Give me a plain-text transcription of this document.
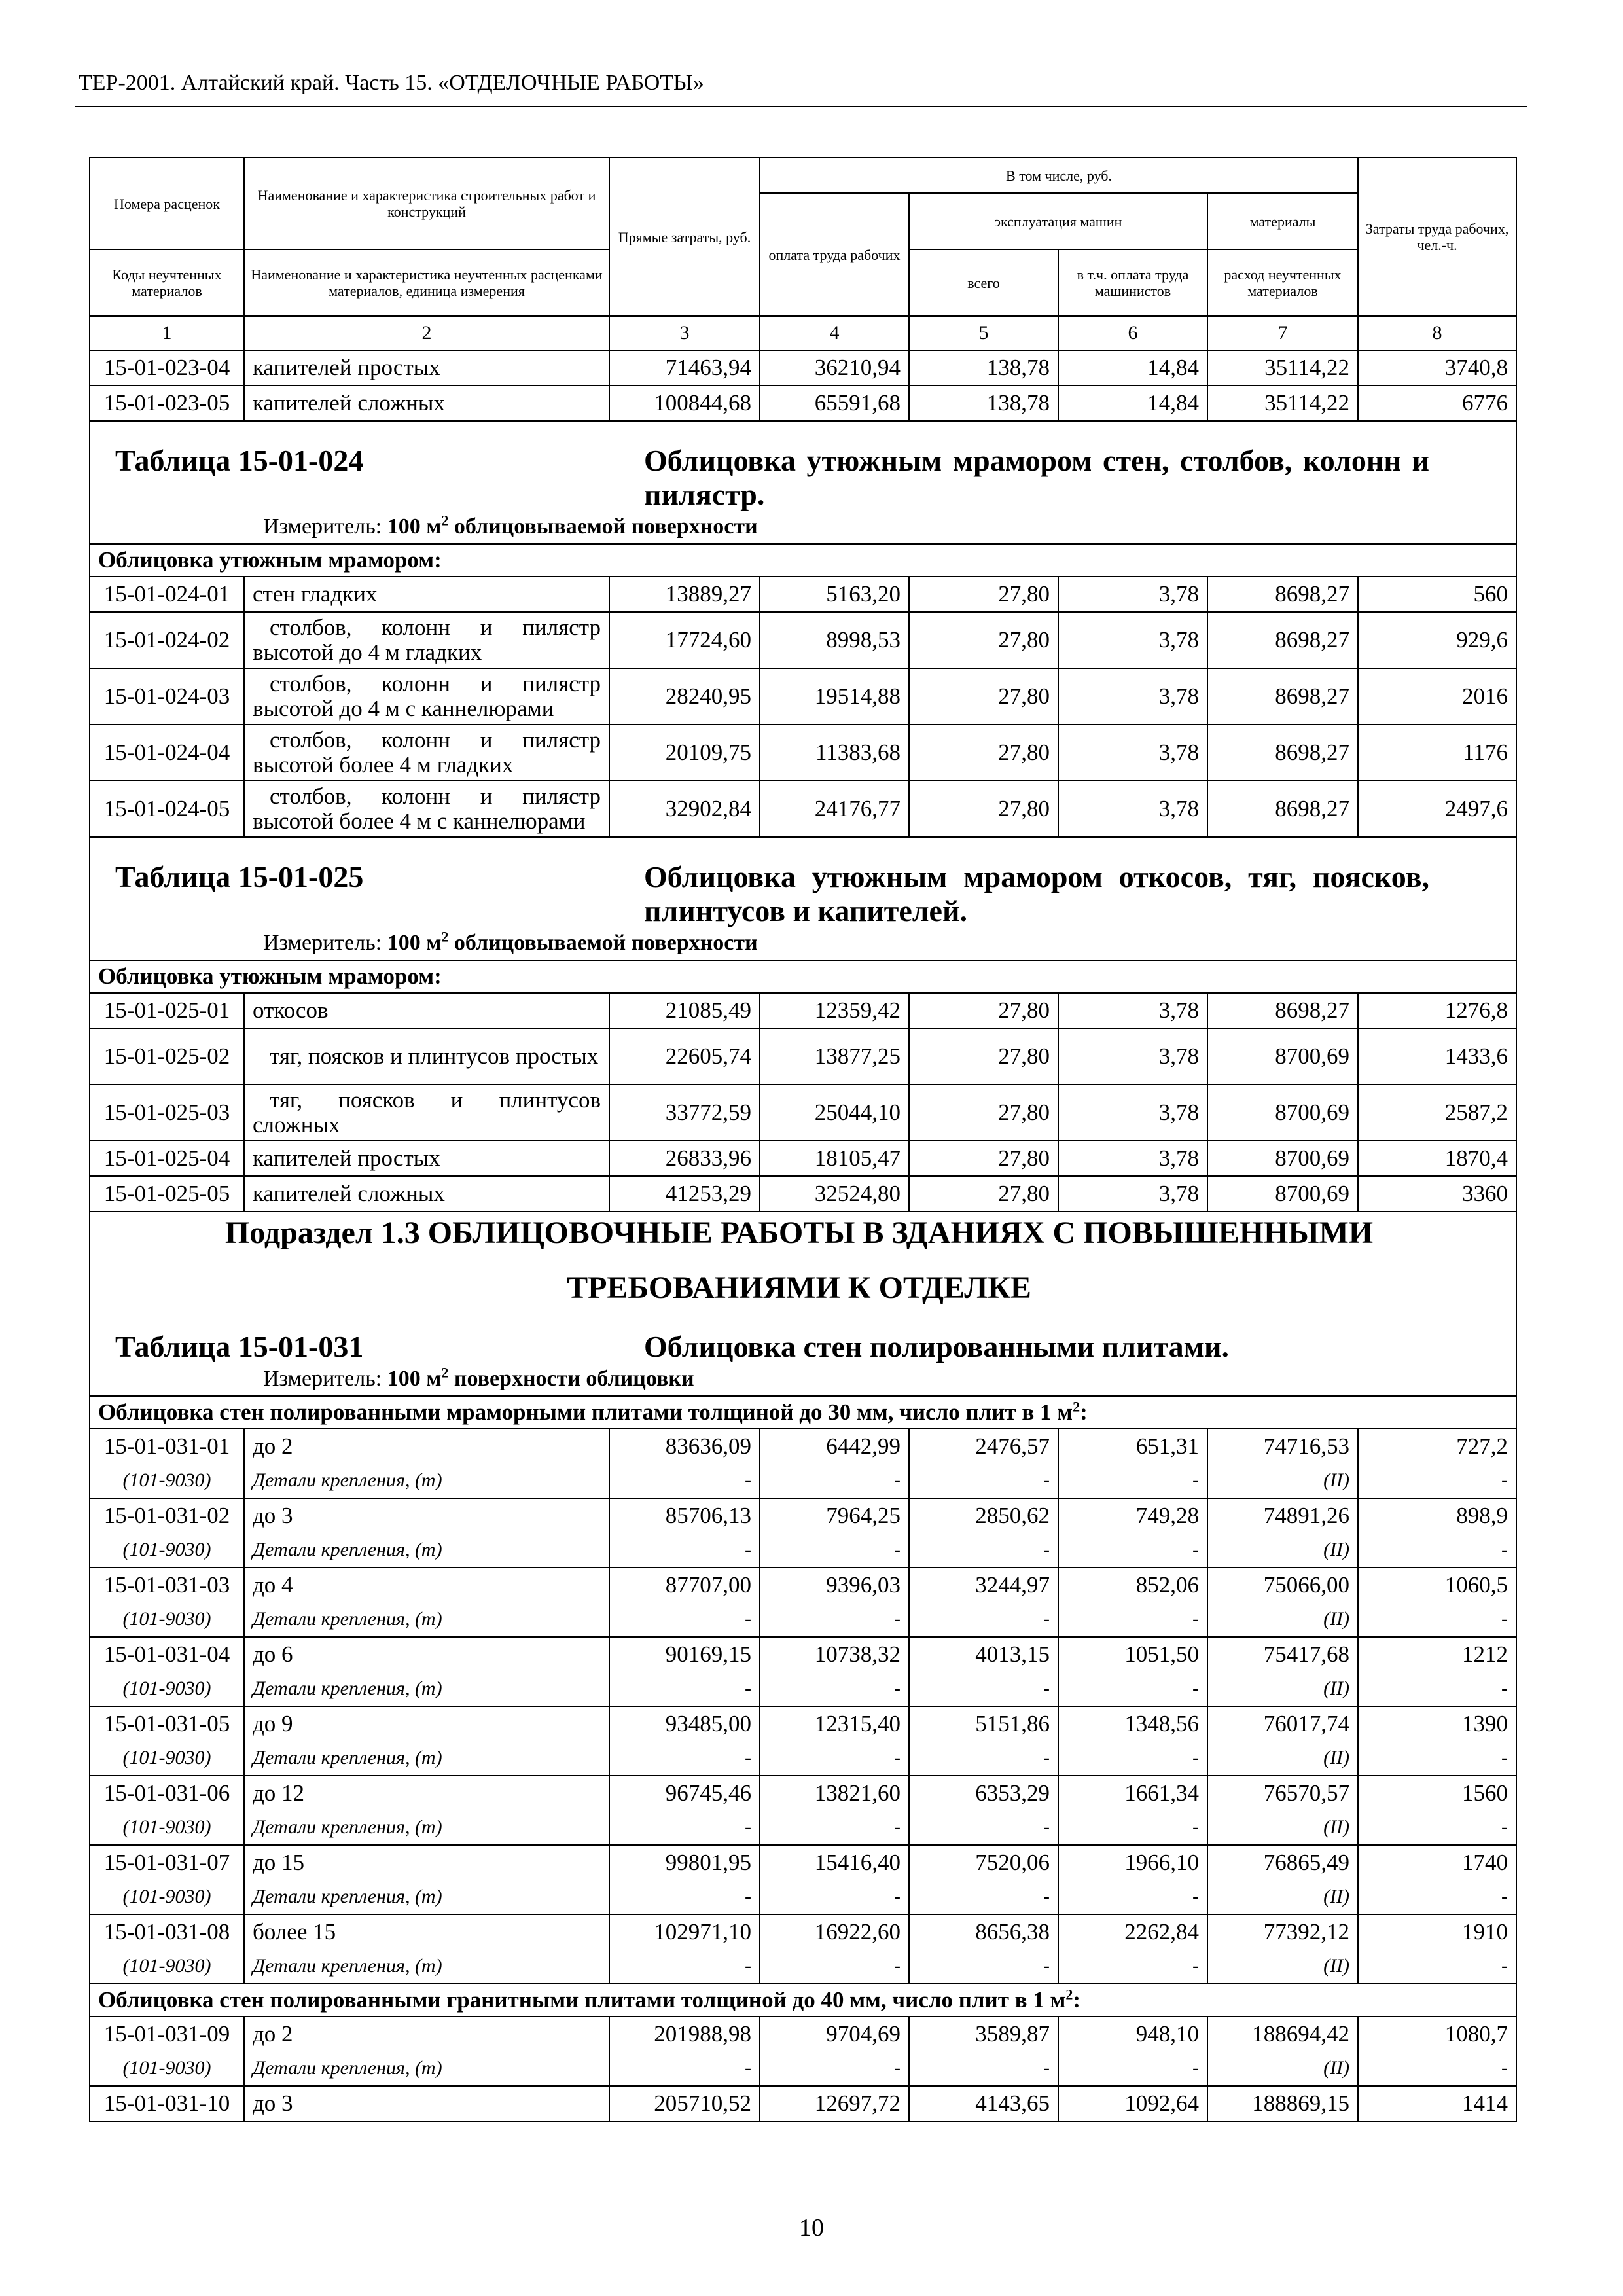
ТЕР-2001. Алтайский край. Часть 15. «ОТДЕЛОЧНЫЕ РАБОТЫ»
Номера расценок	Наименование и характеристика строительных работ и конструкций	Прямые затраты, руб.	В том числе, руб.				Затраты труда рабочих, чел.-ч.
			оплата труда рабочих	эксплуатация машин		материалы	
Коды неучтенных материалов	Наименование и характеристика неучтенных расценками материалов, единица измерения			всего	в т.ч. оплата труда машинистов	расход неучтенных материалов	
1	2	3	4	5	6	7	8
15-01-023-04	капителей простых	71463,94	36210,94	138,78	14,84	35114,22	3740,8
15-01-023-05	капителей сложных	100844,68	65591,68	138,78	14,84	35114,22	6776

Таблица 15-01-024 Облицовка утюжным мрамором стен, столбов, колонн и пилястр.
Измеритель: 100 $м^2$ облицовываемой поверхности							

Облицовка утюжным мрамором:							
15-01-024-01	стен гладких	13889,27	5163,20	27,80	3,78	8698,27	560
15-01-024-02	столбов, колонн и пилястр высотой до 4 м гладких	17724,60	8998,53	27,80	3,78	8698,27	929,6
15-01-024-03	столбов, колонн и пилястр высотой до 4 м с каннелюрами	28240,95	19514,88	27,80	3,78	8698,27	2016
15-01-024-04	столбов, колонн и пилястр высотой более 4 м гладких	20109,75	11383,68	27,80	3,78	8698,27	1176
15-01-024-05	столбов, колонн и пилястр высотой более 4 м с каннелюрами	32902,84	24176,77	27,80	3,78	8698,27	2497,6

Таблица 15-01-025 Облицовка утюжным мрамором откосов, тяг, поясков, плинтусов и капителей.
Измеритель: 100 $м^2$ облицовываемой поверхности							

Облицовка утюжным мрамором:							
15-01-025-01	откосов	21085,49	12359,42	27,80	3,78	8698,27	1276,8
15-01-025-02	тяг, поясков и плинтусов простых	22605,74	13877,25	27,80	3,78	8700,69	1433,6
15-01-025-03	тяг, поясков и плинтусов сложных	33772,59	25044,10	27,80	3,78	8700,69	2587,2
15-01-025-04	капителей простых	26833,96	18105,47	27,80	3,78	8700,69	1870,4
15-01-025-05	капителей сложных	41253,29	32524,80	27,80	3,78	8700,69	3360

Подраздел 1.3 ОБЛИЦОВОЧНЫЕ РАБОТЫ В ЗДАНИЯХ С ПОВЫШЕННЫМИ
ТРЕБОВАНИЯМИ К ОТДЕЛКЕ
Таблица 15-01-031 Облицовка стен полированными плитами.
Измеритель: 100 $м^2$ поверхности облицовки							

Облицовка стен полированными мраморными плитами толщиной до 30 мм, число плит в 1 $м^2$:							
15-01-031-01	до 2	83636,09	6442,99	2476,57	651,31	74716,53	727,2
(101-9030)	Детали крепления, (т)	-	-	-	-	(II)	-
15-01-031-02	до 3	85706,13	7964,25	2850,62	749,28	74891,26	898,9
(101-9030)	Детали крепления, (т)	-	-	-	-	(II)	-
15-01-031-03	до 4	87707,00	9396,03	3244,97	852,06	75066,00	1060,5
(101-9030)	Детали крепления, (т)	-	-	-	-	(II)	-
15-01-031-04	до 6	90169,15	10738,32	4013,15	1051,50	75417,68	1212
(101-9030)	Детали крепления, (т)	-	-	-	-	(II)	-
15-01-031-05	до 9	93485,00	12315,40	5151,86	1348,56	76017,74	1390
(101-9030)	Детали крепления, (т)	-	-	-	-	(II)	-
15-01-031-06	до 12	96745,46	13821,60	6353,29	1661,34	76570,57	1560
(101-9030)	Детали крепления, (т)	-	-	-	-	(II)	-
15-01-031-07	до 15	99801,95	15416,40	7520,06	1966,10	76865,49	1740
(101-9030)	Детали крепления, (т)	-	-	-	-	(II)	-
15-01-031-08	более 15	102971,10	16922,60	8656,38	2262,84	77392,12	1910
(101-9030)	Детали крепления, (т)	-	-	-	-	(II)	-
Облицовка стен полированными гранитными плитами толщиной до 40 мм, число плит в 1 $м^2$:							
15-01-031-09	до 2	201988,98	9704,69	3589,87	948,10	188694,42	1080,7
(101-9030)	Детали крепления, (т)	-	-	-	-	(II)	-
15-01-031-10	до 3	205710,52	12697,72	4143,65	1092,64	188869,15	1414
10
